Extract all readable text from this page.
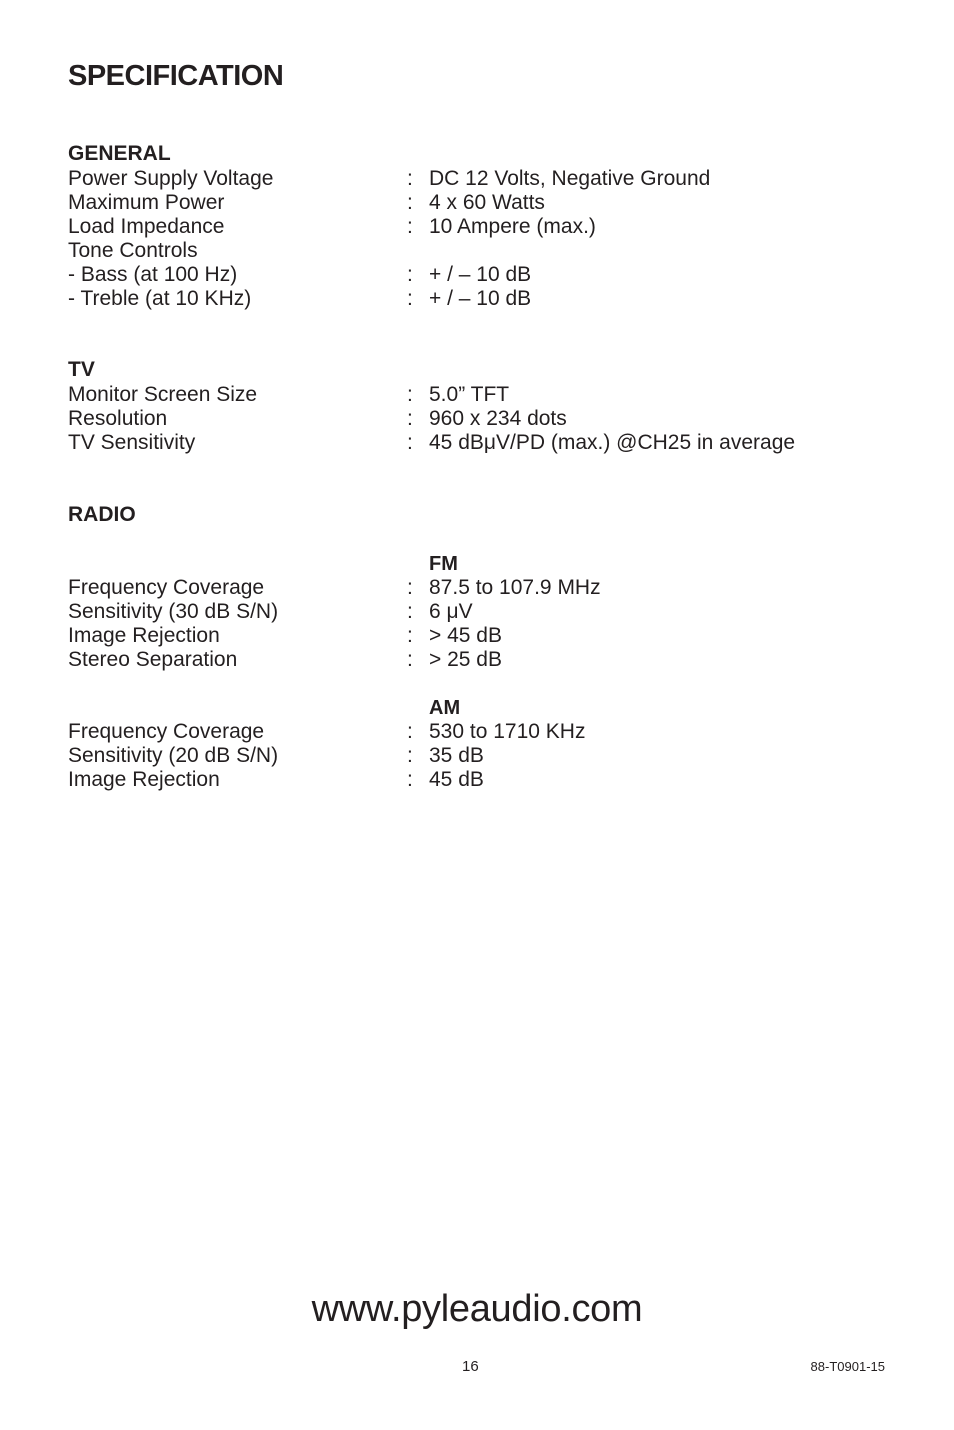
SPECIFICATION
GENERAL
Power Supply Voltage	: DC 12 Volts, Negative Ground
Maximum Power	: 4 x 60 Watts
Load Impedance	: 10 Ampere (max.)
Tone Controls
- Bass (at 100 Hz)	: + / – 10 dB
- Treble (at 10 KHz)	: + / – 10 dB
TV
Monitor Screen Size	: 5.0” TFT
Resolution	: 960 x 234 dots
TV Sensitivity	: 45 dBμV/PD (max.) @CH25 in average
RADIO
FM
Frequency Coverage	: 87.5 to 107.9 MHz
Sensitivity (30 dB S/N)	: 6 μV
Image Rejection	: > 45 dB
Stereo Separation	: > 25 dB
AM
Frequency Coverage	: 530 to 1710 KHz
Sensitivity (20 dB S/N)	: 35 dB
Image Rejection	: 45 dB
www.pyleaudio.com
16	88-T0901-15
